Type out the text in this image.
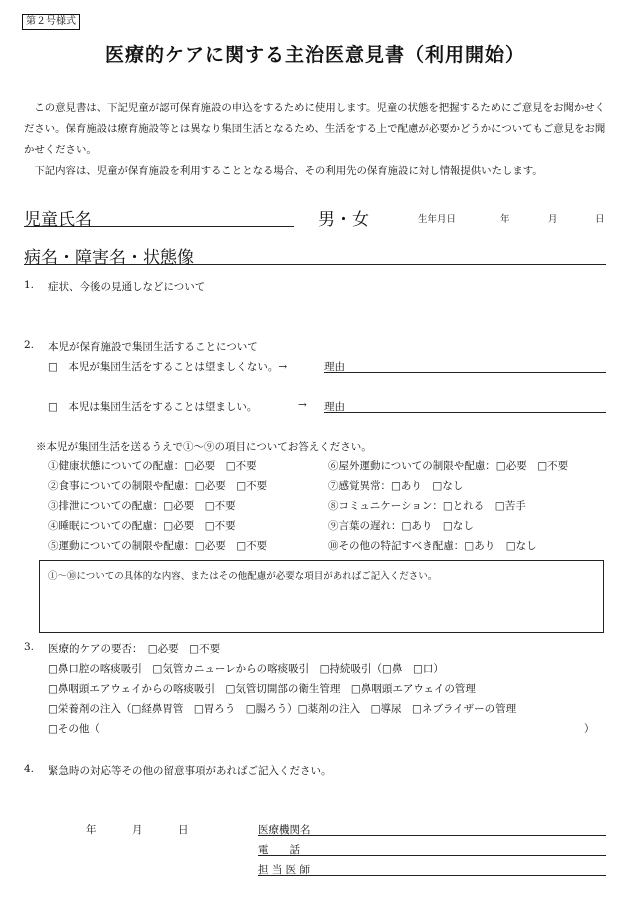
第２号様式
医療的ケアに関する主治医意見書（利用開始）

この意見書は、下記児童が認可保育施設の申込をするために使用します。児童の状態を把握するためにご意見をお聞かせください。保育施設は療育施設等とは異なり集団生活となるため、生活をする上で配慮が必要かどうかについてもご意見をお聞かせください。

下記内容は、児童が保育施設を利用することとなる場合、その利用先の保育施設に対し情報提供いたします。

児童氏名	男・女	生年月日	年	月	日
病名・障害名・状態像
1. 症状、今後の見通しなどについて
2. 本児が保育施設で集団生活することについて
□　本児が集団生活をすることは望ましくない。→	理由
□　本児は集団生活をすることは望ましい。	→ 理由
※本児が集団生活を送るうえで①～⑨の項目についてお答えください。
①健康状態についての配慮：□必要　□不要
②食事についての制限や配慮：□必要　□不要
③排泄についての配慮：□必要　□不要
④睡眠についての配慮：□必要　□不要
⑤運動についての制限や配慮：□必要　□不要
⑥屋外運動についての制限や配慮：□必要　□不要
⑦感覚異常：□あり　□なし
⑧コミュニケーション：□とれる　□苦手
⑨言葉の遅れ：□あり　□なし
⑩その他の特記すべき配慮：□あり　□なし
①～⑩についての具体的な内容、またはその他配慮が必要な項目があればご記入ください。
3. 医療的ケアの要否：　□必要　□不要
□鼻口腔の喀痰吸引　□気管カニューレからの喀痰吸引　□持続吸引（□鼻　□口）
□鼻咽頭エアウェイからの喀痰吸引　□気管切開部の衛生管理　□鼻咽頭エアウェイの管理
□栄養剤の注入（□経鼻胃管　□胃ろう　□腸ろう）□薬剤の注入　□導尿　□ネブライザーの管理
□その他（	）
4. 緊急時の対応等その他の留意事項があればご記入ください。
年	月	日	医療機関名
電　　話
担 当 医 師
